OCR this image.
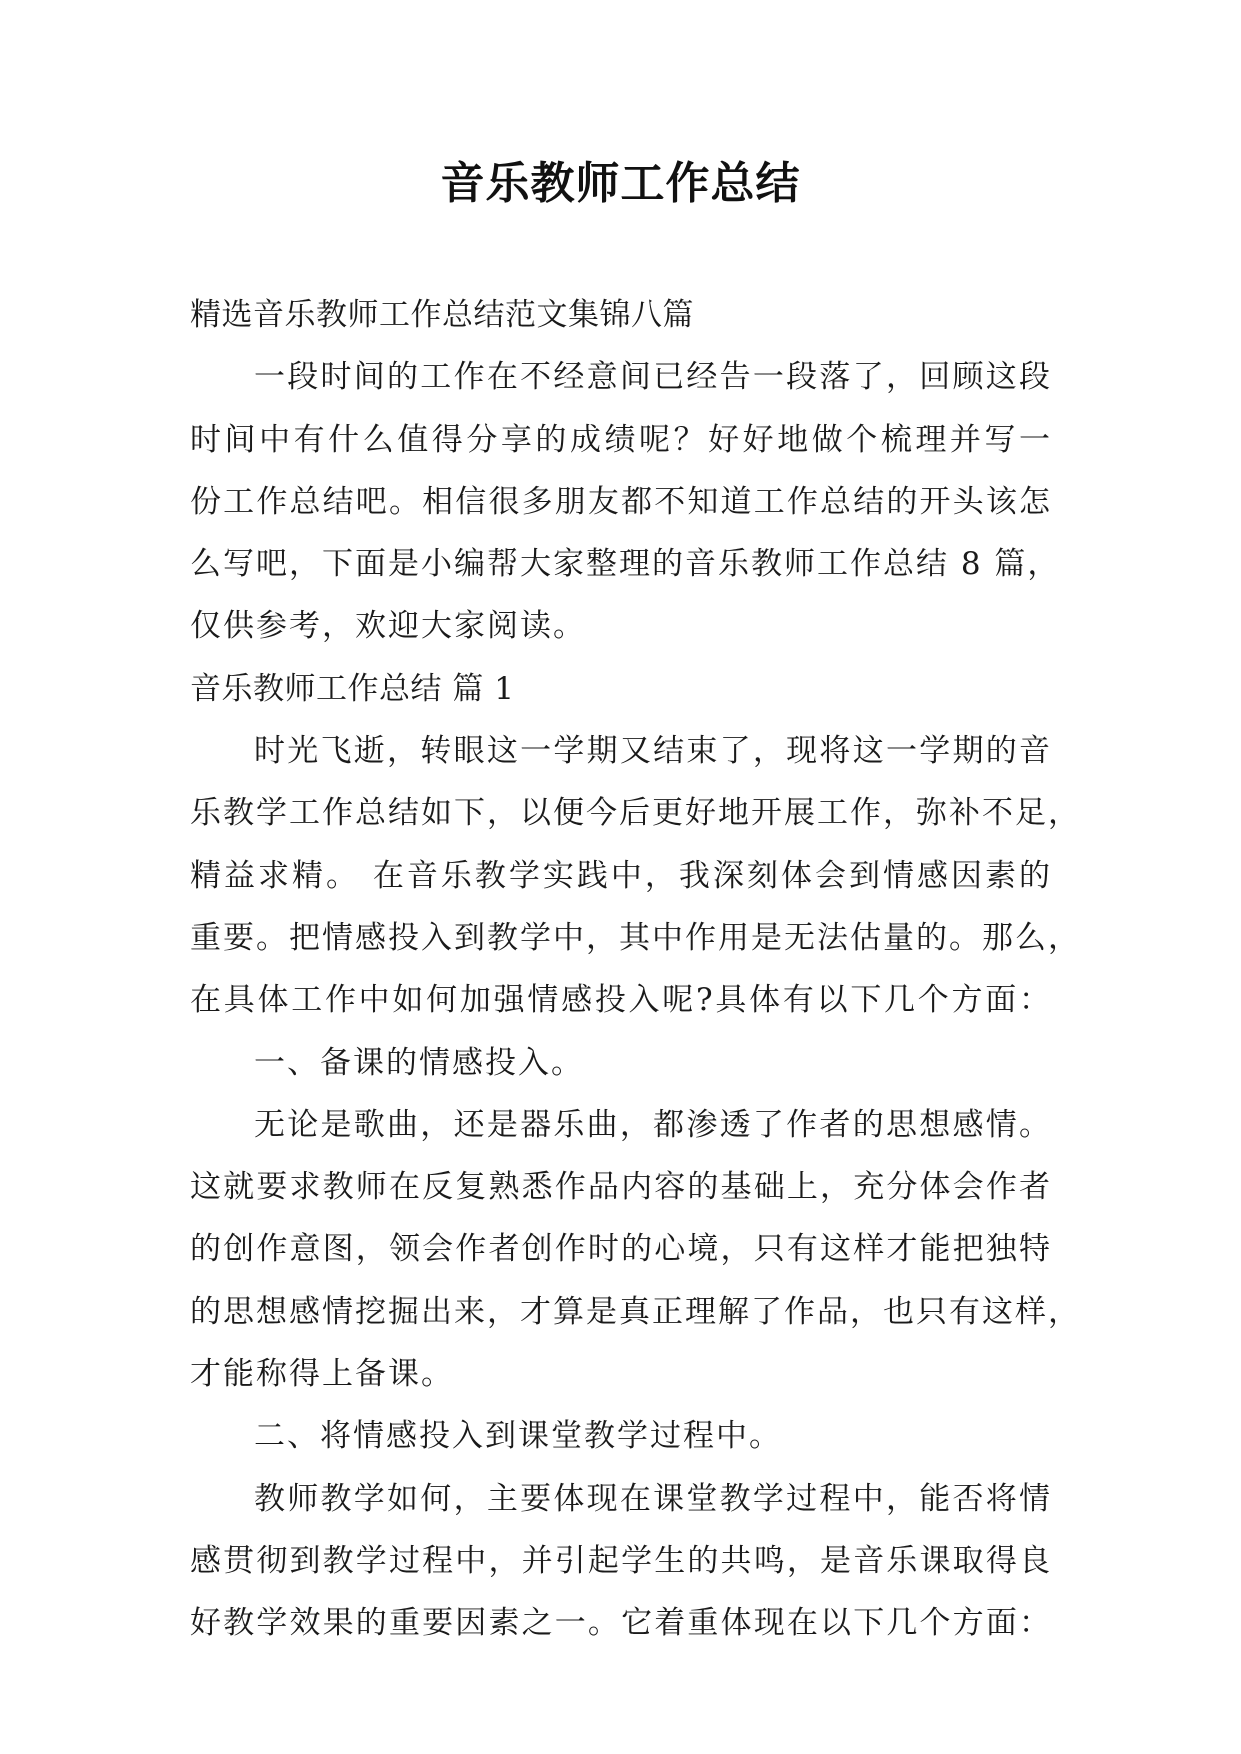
音乐教师工作总结
精选音乐教师工作总结范文集锦八篇
一段时间的工作在不经意间已经告一段落了，回顾这段
时间中有什么值得分享的成绩呢？好好地做个梳理并写一
份工作总结吧。相信很多朋友都不知道工作总结的开头该怎
么写吧，下面是小编帮大家整理的音乐教师工作总结 8 篇，
仅供参考，欢迎大家阅读。
音乐教师工作总结 篇 1
时光飞逝，转眼这一学期又结束了，现将这一学期的音
乐教学工作总结如下，以便今后更好地开展工作，弥补不足，
精益求精。 在音乐教学实践中，我深刻体会到情感因素的
重要。把情感投入到教学中，其中作用是无法估量的。那么，
在具体工作中如何加强情感投入呢?具体有以下几个方面：
一、备课的情感投入。
无论是歌曲，还是器乐曲，都渗透了作者的思想感情。
这就要求教师在反复熟悉作品内容的基础上，充分体会作者
的创作意图，领会作者创作时的心境，只有这样才能把独特
的思想感情挖掘出来，才算是真正理解了作品，也只有这样，
才能称得上备课。
二、将情感投入到课堂教学过程中。
教师教学如何，主要体现在课堂教学过程中，能否将情
感贯彻到教学过程中，并引起学生的共鸣，是音乐课取得良
好教学效果的重要因素之一。它着重体现在以下几个方面：
